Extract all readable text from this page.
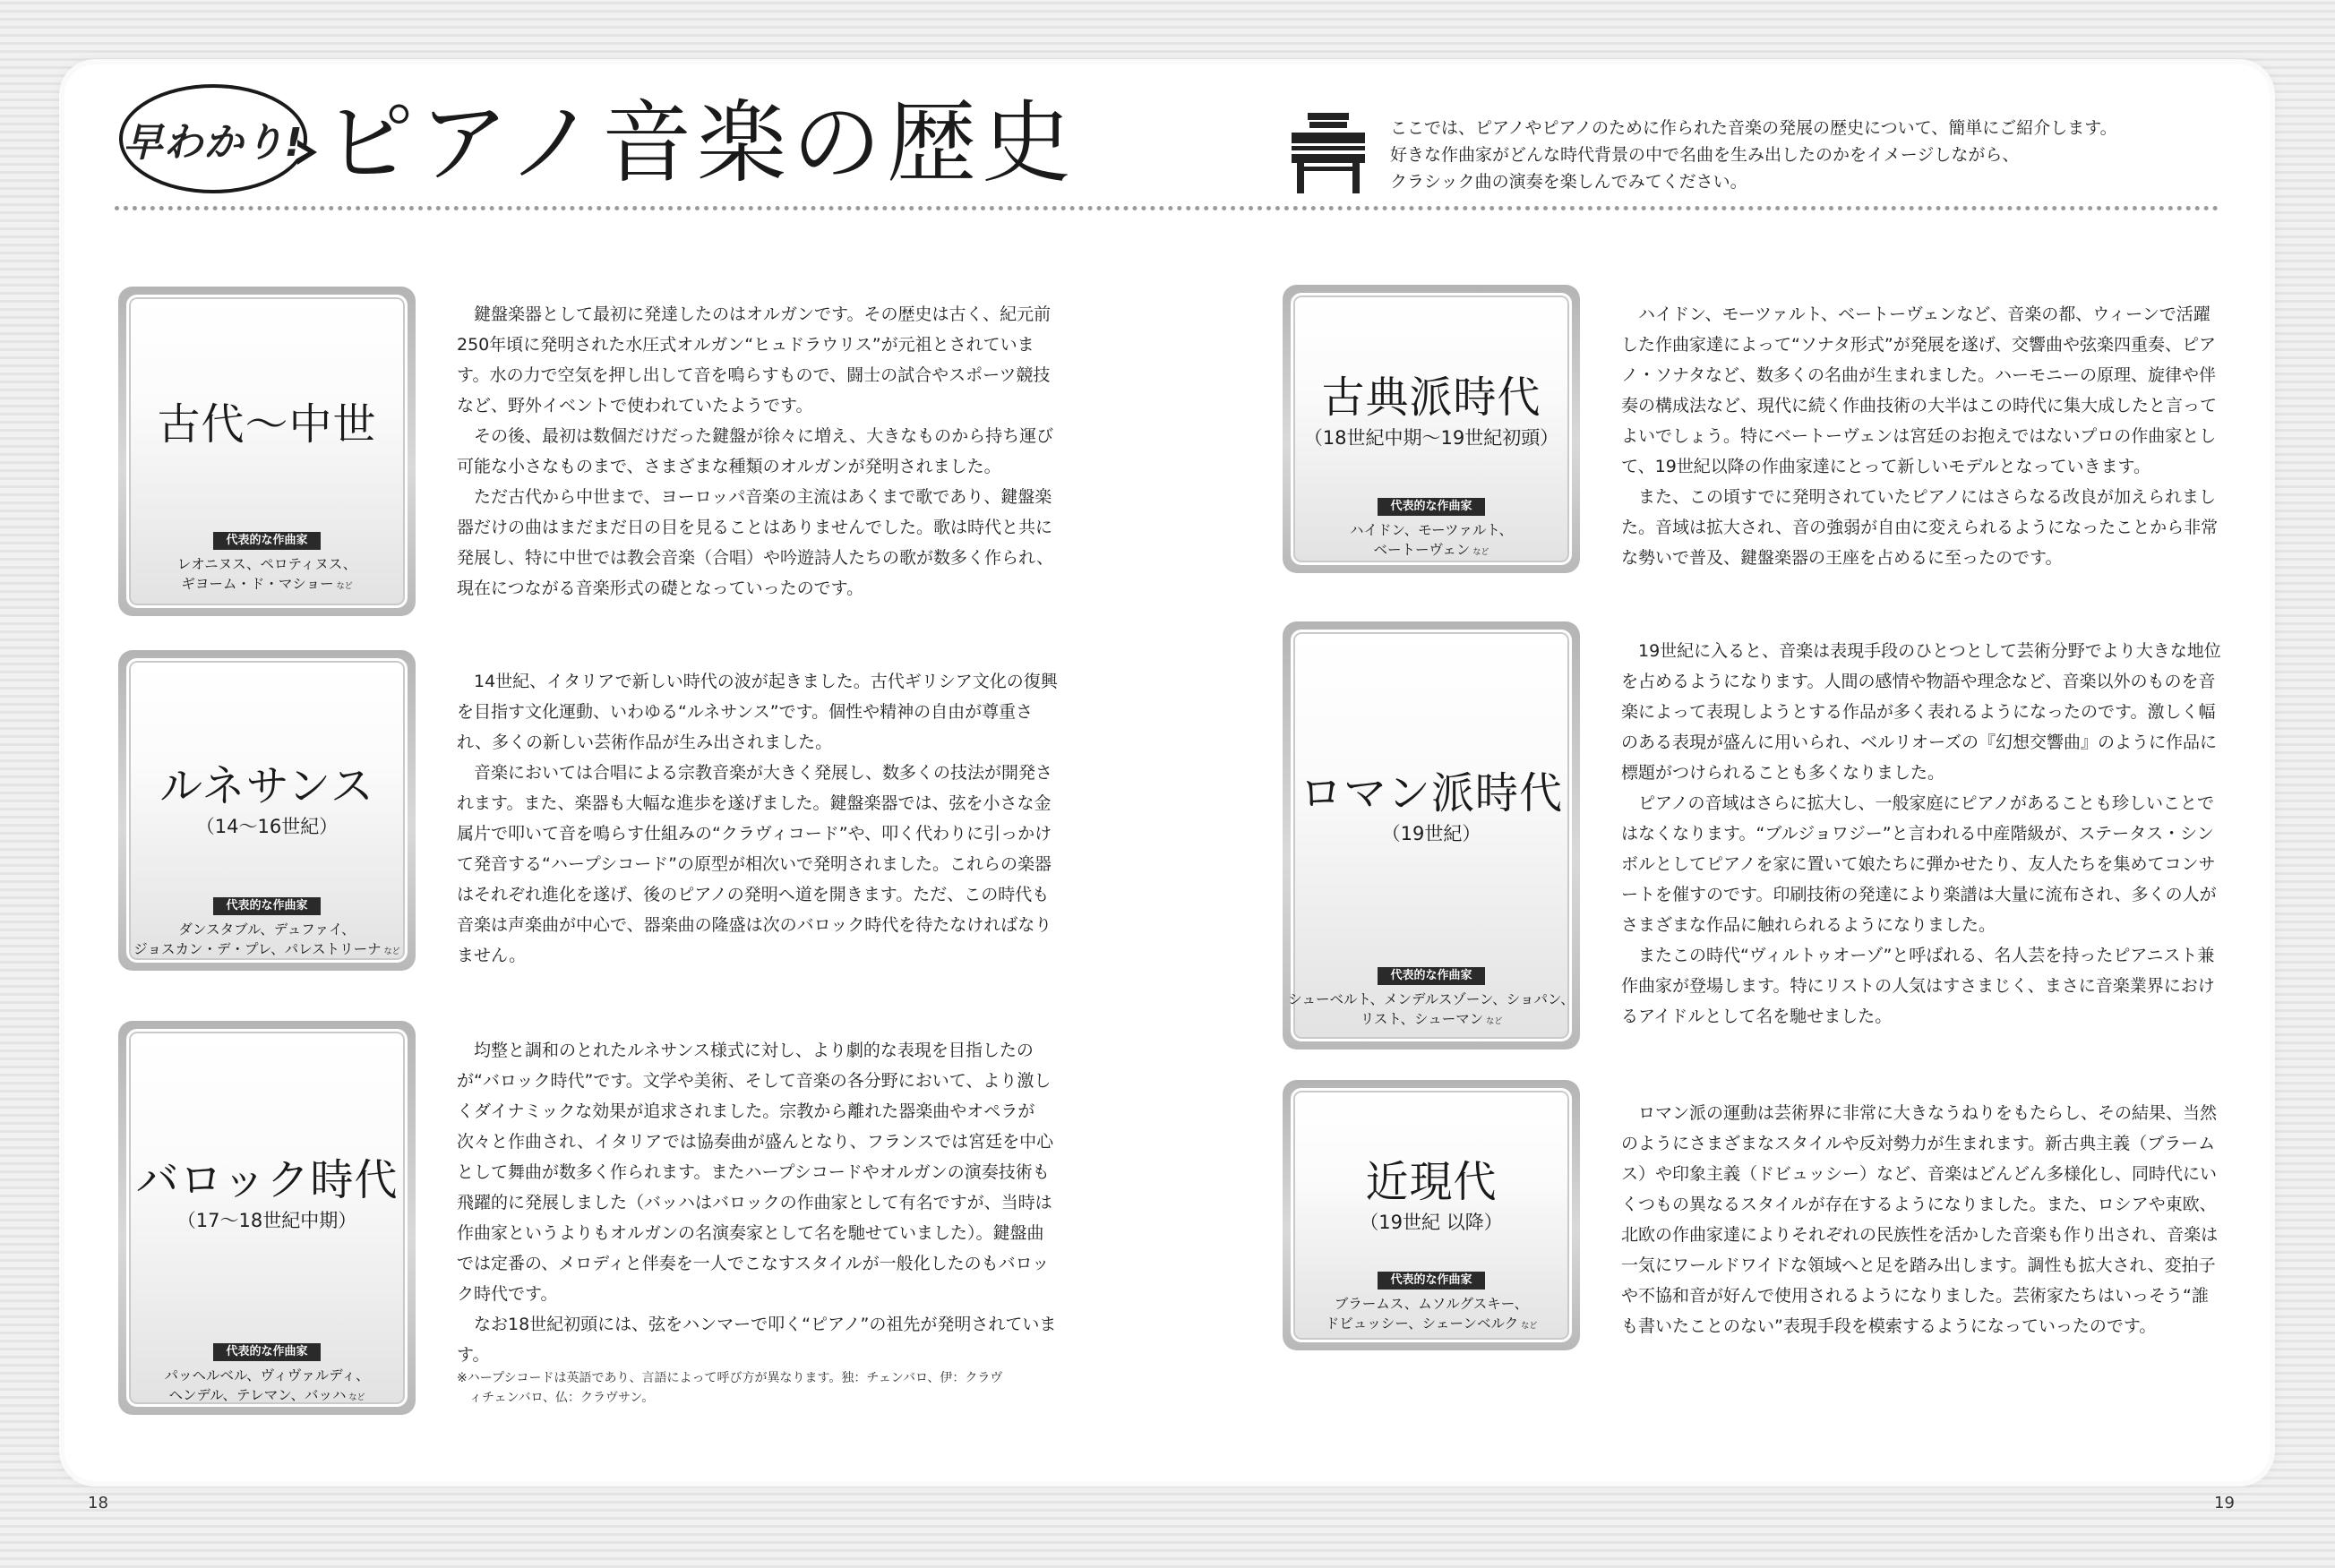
早わかり! ピアノ音楽の歴史	ここでは、ピアノやピアノのために作られた音楽の発展の歴史について、簡単にご紹介します。
好きな作曲家がどんな時代背景の中で名曲を生み出したのかをイメージしながら、
クラシック曲の演奏を楽しんでみてください。
古代〜中世
代表的な作曲家
レオニヌス、ペロティヌス、
ギヨーム・ド・マショー など

鍵盤楽器として最初に発達したのはオルガンです。その歴史は古く、紀元前250年頃に発明された水圧式オルガン“ヒュドラウリス”が元祖とされています。水の力で空気を押し出して音を鳴らすもので、闘士の試合やスポーツ競技など、野外イベントで使われていたようです。

その後、最初は数個だけだった鍵盤が徐々に増え、大きなものから持ち運び可能な小さなものまで、さまざまな種類のオルガンが発明されました。

ただ古代から中世まで、ヨーロッパ音楽の主流はあくまで歌であり、鍵盤楽器だけの曲はまだまだ日の目を見ることはありませんでした。歌は時代と共に発展し、特に中世では教会音楽（合唱）や吟遊詩人たちの歌が数多く作られ、現在につながる音楽形式の礎となっていったのです。

ルネサンス
（14〜16世紀）
代表的な作曲家
ダンスタブル、デュファイ、
ジョスカン・デ・プレ、パレストリーナ など

14世紀、イタリアで新しい時代の波が起きました。古代ギリシア文化の復興を目指す文化運動、いわゆる“ルネサンス”です。個性や精神の自由が尊重され、多くの新しい芸術作品が生み出されました。

音楽においては合唱による宗教音楽が大きく発展し、数多くの技法が開発されます。また、楽器も大幅な進歩を遂げました。鍵盤楽器では、弦を小さな金属片で叩いて音を鳴らす仕組みの“クラヴィコード”や、叩く代わりに引っかけて発音する“ハープシコード”の原型が相次いで発明されました。これらの楽器はそれぞれ進化を遂げ、後のピアノの発明へ道を開きます。ただ、この時代も音楽は声楽曲が中心で、器楽曲の隆盛は次のバロック時代を待たなければなりません。

バロック時代
（17〜18世紀中期）
代表的な作曲家
パッヘルベル、ヴィヴァルディ、
ヘンデル、テレマン、バッハ など

均整と調和のとれたルネサンス様式に対し、より劇的な表現を目指したのが“バロック時代”です。文学や美術、そして音楽の各分野において、より激しくダイナミックな効果が追求されました。宗教から離れた器楽曲やオペラが次々と作曲され、イタリアでは協奏曲が盛んとなり、フランスでは宮廷を中心として舞曲が数多く作られます。またハープシコードやオルガンの演奏技術も飛躍的に発展しました（バッハはバロックの作曲家として有名ですが、当時は作曲家というよりもオルガンの名演奏家として名を馳せていました）。鍵盤曲では定番の、メロディと伴奏を一人でこなすスタイルが一般化したのもバロック時代です。

なお18世紀初頭には、弦をハンマーで叩く“ピアノ”の祖先が発明されています。

※ハープシコードは英語であり、言語によって呼び方が異なります。独：チェンバロ、伊：クラヴ
　ィチェンバロ、仏：クラヴサン。
古典派時代
（18世紀中期〜19世紀初頭）
代表的な作曲家
ハイドン、モーツァルト、
ベートーヴェン など

ハイドン、モーツァルト、ベートーヴェンなど、音楽の都、ウィーンで活躍した作曲家達によって“ソナタ形式”が発展を遂げ、交響曲や弦楽四重奏、ピアノ・ソナタなど、数多くの名曲が生まれました。ハーモニーの原理、旋律や伴奏の構成法など、現代に続く作曲技術の大半はこの時代に集大成したと言ってよいでしょう。特にベートーヴェンは宮廷のお抱えではないプロの作曲家として、19世紀以降の作曲家達にとって新しいモデルとなっていきます。

また、この頃すでに発明されていたピアノにはさらなる改良が加えられました。音域は拡大され、音の強弱が自由に変えられるようになったことから非常な勢いで普及、鍵盤楽器の王座を占めるに至ったのです。

ロマン派時代
（19世紀）
代表的な作曲家
シューベルト、メンデルスゾーン、ショパン、
リスト、シューマン など

19世紀に入ると、音楽は表現手段のひとつとして芸術分野でより大きな地位を占めるようになります。人間の感情や物語や理念など、音楽以外のものを音楽によって表現しようとする作品が多く表れるようになったのです。激しく幅のある表現が盛んに用いられ、ベルリオーズの『幻想交響曲』のように作品に標題がつけられることも多くなりました。

ピアノの音域はさらに拡大し、一般家庭にピアノがあることも珍しいことではなくなります。“ブルジョワジー”と言われる中産階級が、ステータス・シンボルとしてピアノを家に置いて娘たちに弾かせたり、友人たちを集めてコンサートを催すのです。印刷技術の発達により楽譜は大量に流布され、多くの人がさまざまな作品に触れられるようになりました。

またこの時代“ヴィルトゥオーゾ”と呼ばれる、名人芸を持ったピアニスト兼作曲家が登場します。特にリストの人気はすさまじく、まさに音楽業界におけるアイドルとして名を馳せました。

近現代
（19世紀 以降）
代表的な作曲家
ブラームス、ムソルグスキー、
ドビュッシー、シェーンベルク など

ロマン派の運動は芸術界に非常に大きなうねりをもたらし、その結果、当然のようにさまざまなスタイルや反対勢力が生まれます。新古典主義（ブラームス）や印象主義（ドビュッシー）など、音楽はどんどん多様化し、同時代にいくつもの異なるスタイルが存在するようになりました。また、ロシアや東欧、北欧の作曲家達によりそれぞれの民族性を活かした音楽も作り出され、音楽は一気にワールドワイドな領域へと足を踏み出します。調性も拡大され、変拍子や不協和音が好んで使用されるようになりました。芸術家たちはいっそう“誰も書いたことのない”表現手段を模索するようになっていったのです。

18	19
